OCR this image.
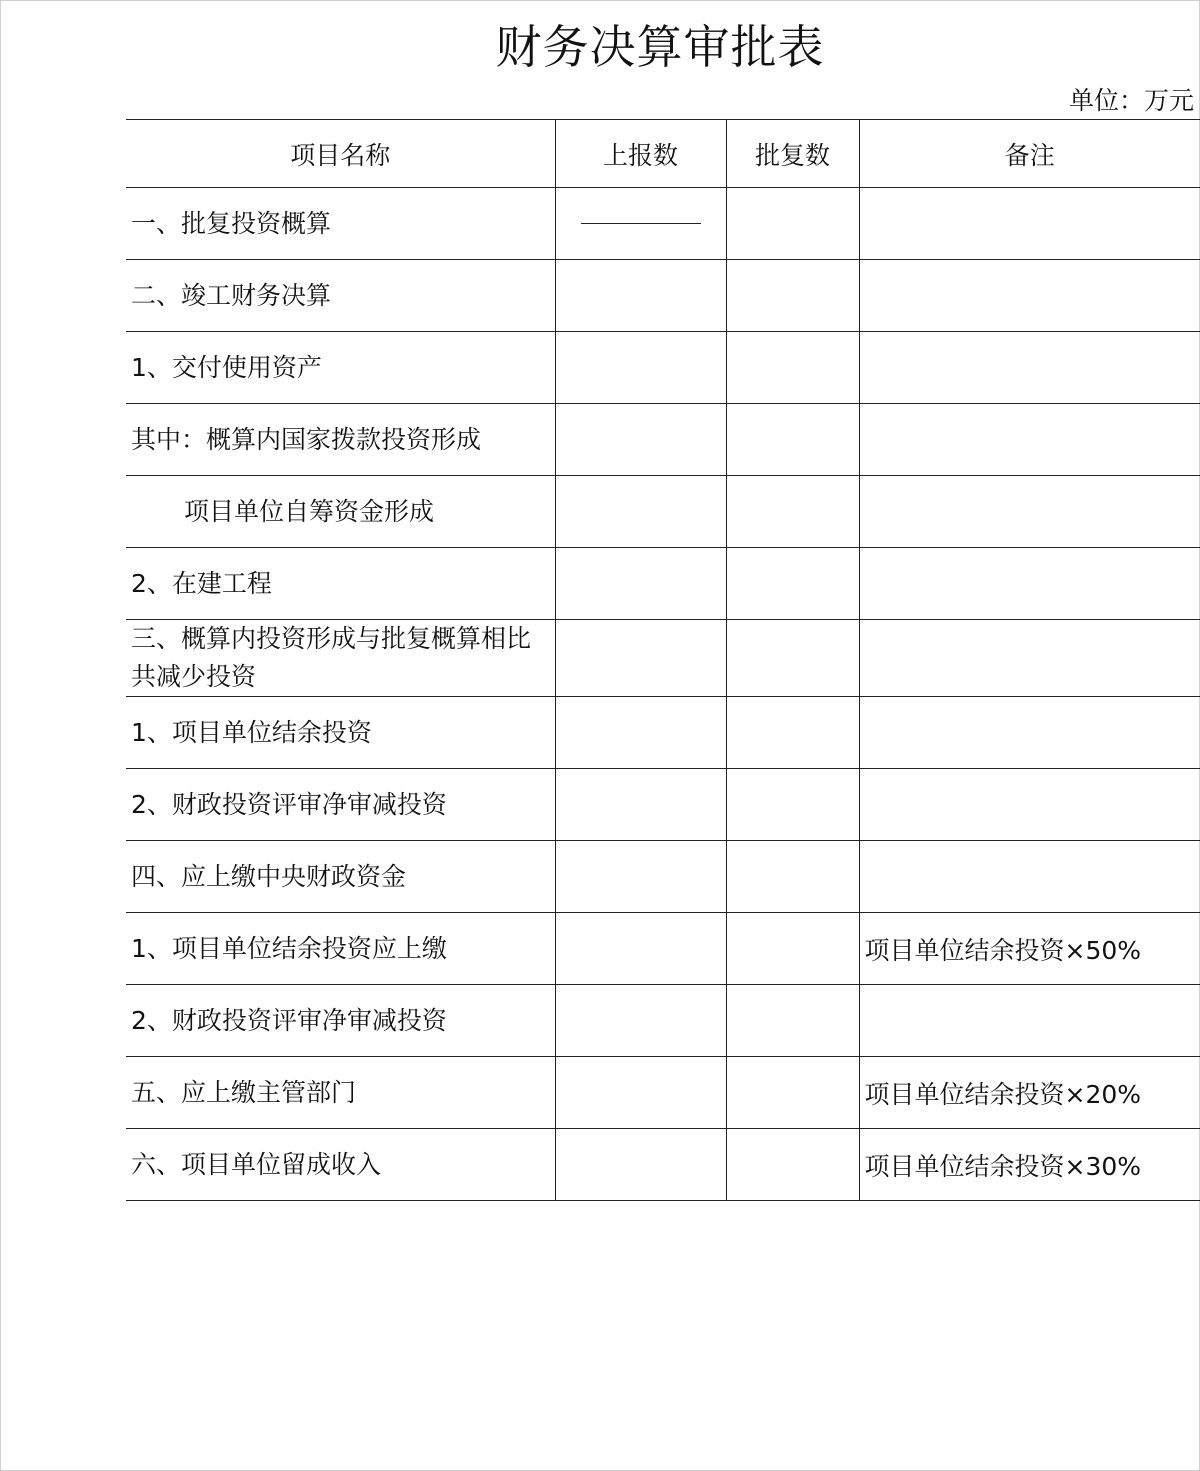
财务决算审批表
单位：万元
项目名称	上报数	批复数	备注
一、批复投资概算	

二、竣工财务决算			
1、交付使用资产			
其中：概算内国家拨款投资形成			
项目单位自筹资金形成			
2、在建工程			
三、概算内投资形成与批复概算相比共减少投资			
1、项目单位结余投资			
2、财政投资评审净审减投资			
四、应上缴中央财政资金			
1、项目单位结余投资应上缴			项目单位结余投资×50%
2、财政投资评审净审减投资			
五、应上缴主管部门			项目单位结余投资×20%
六、项目单位留成收入			项目单位结余投资×30%
